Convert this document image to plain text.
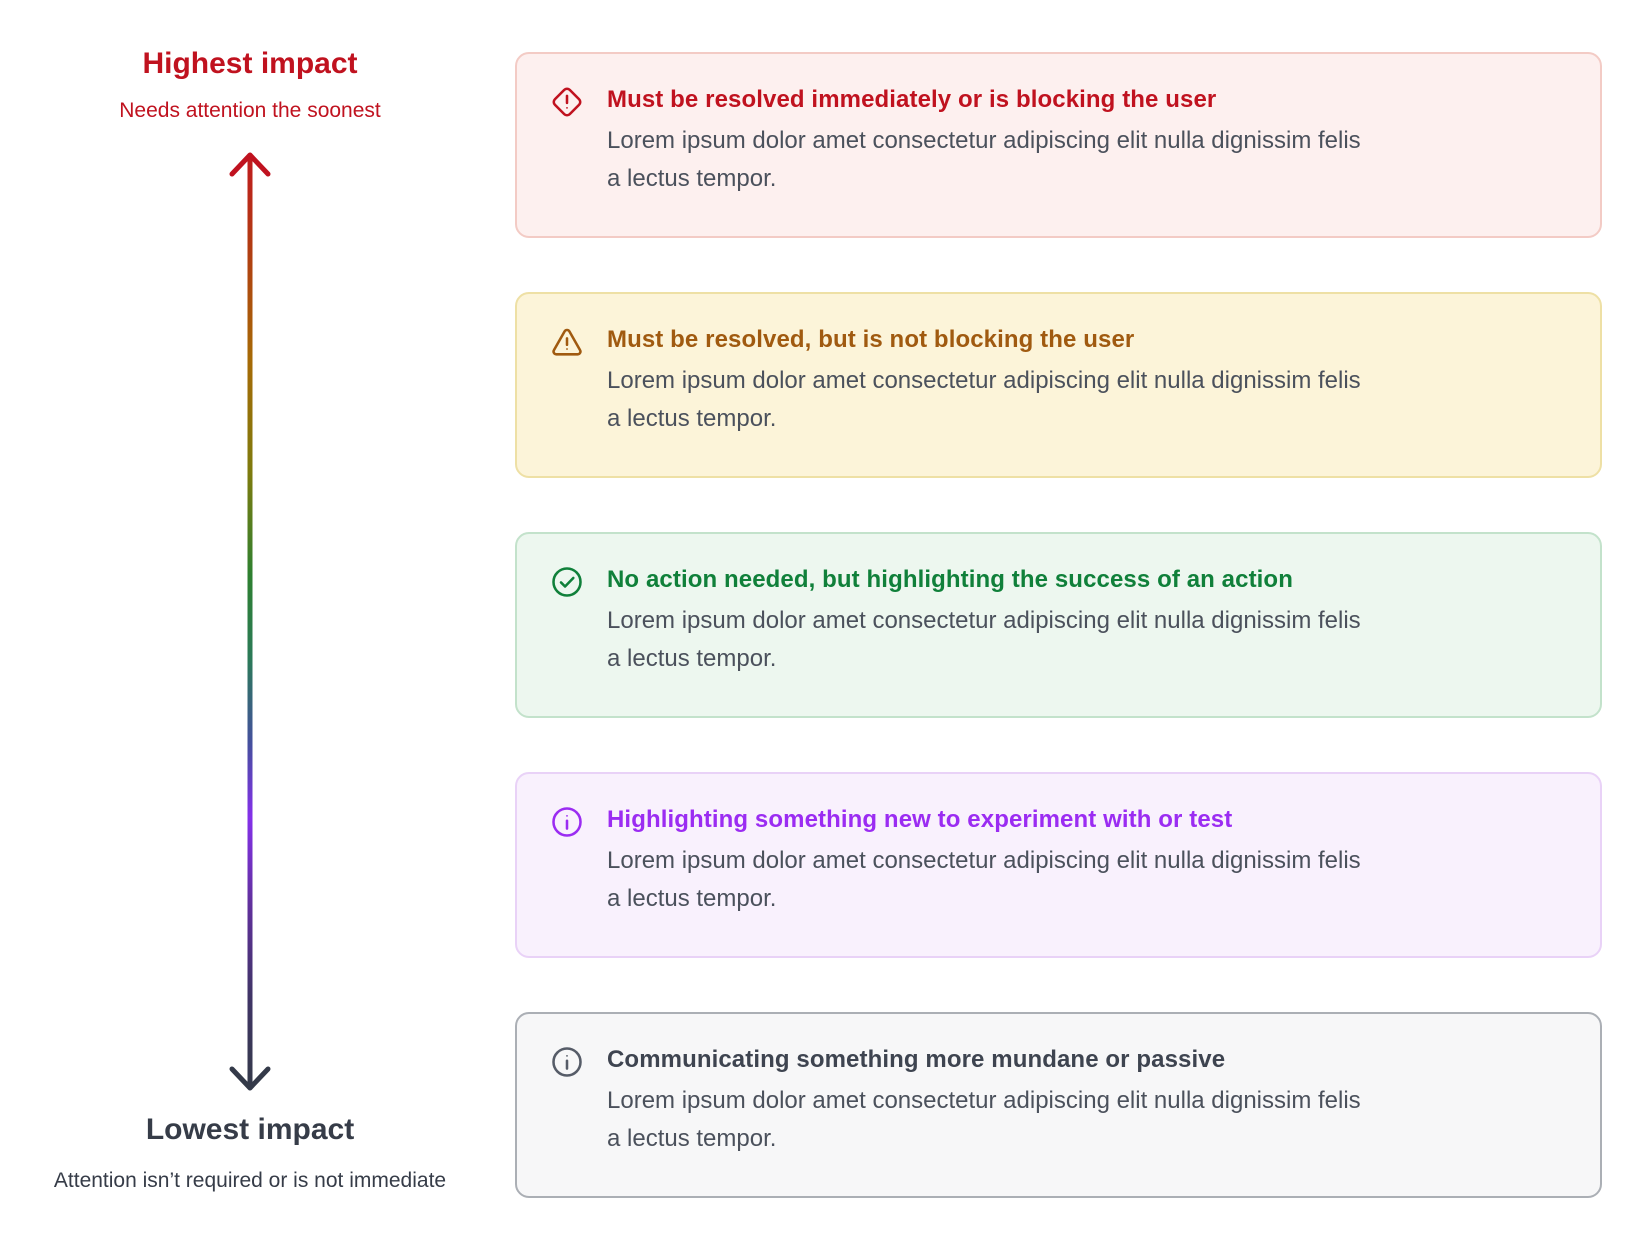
Highest impact
Needs attention the soonest
Lowest impact
Attention isn’t required or is not immediate

Must be resolved immediately or is blocking the user

Lorem ipsum dolor amet consectetur adipiscing elit nulla dignissim felis
a lectus tempor.

Must be resolved, but is not blocking the user

Lorem ipsum dolor amet consectetur adipiscing elit nulla dignissim felis
a lectus tempor.

No action needed, but highlighting the success of an action

Lorem ipsum dolor amet consectetur adipiscing elit nulla dignissim felis
a lectus tempor.

Highlighting something new to experiment with or test

Lorem ipsum dolor amet consectetur adipiscing elit nulla dignissim felis
a lectus tempor.

Communicating something more mundane or passive

Lorem ipsum dolor amet consectetur adipiscing elit nulla dignissim felis
a lectus tempor.
